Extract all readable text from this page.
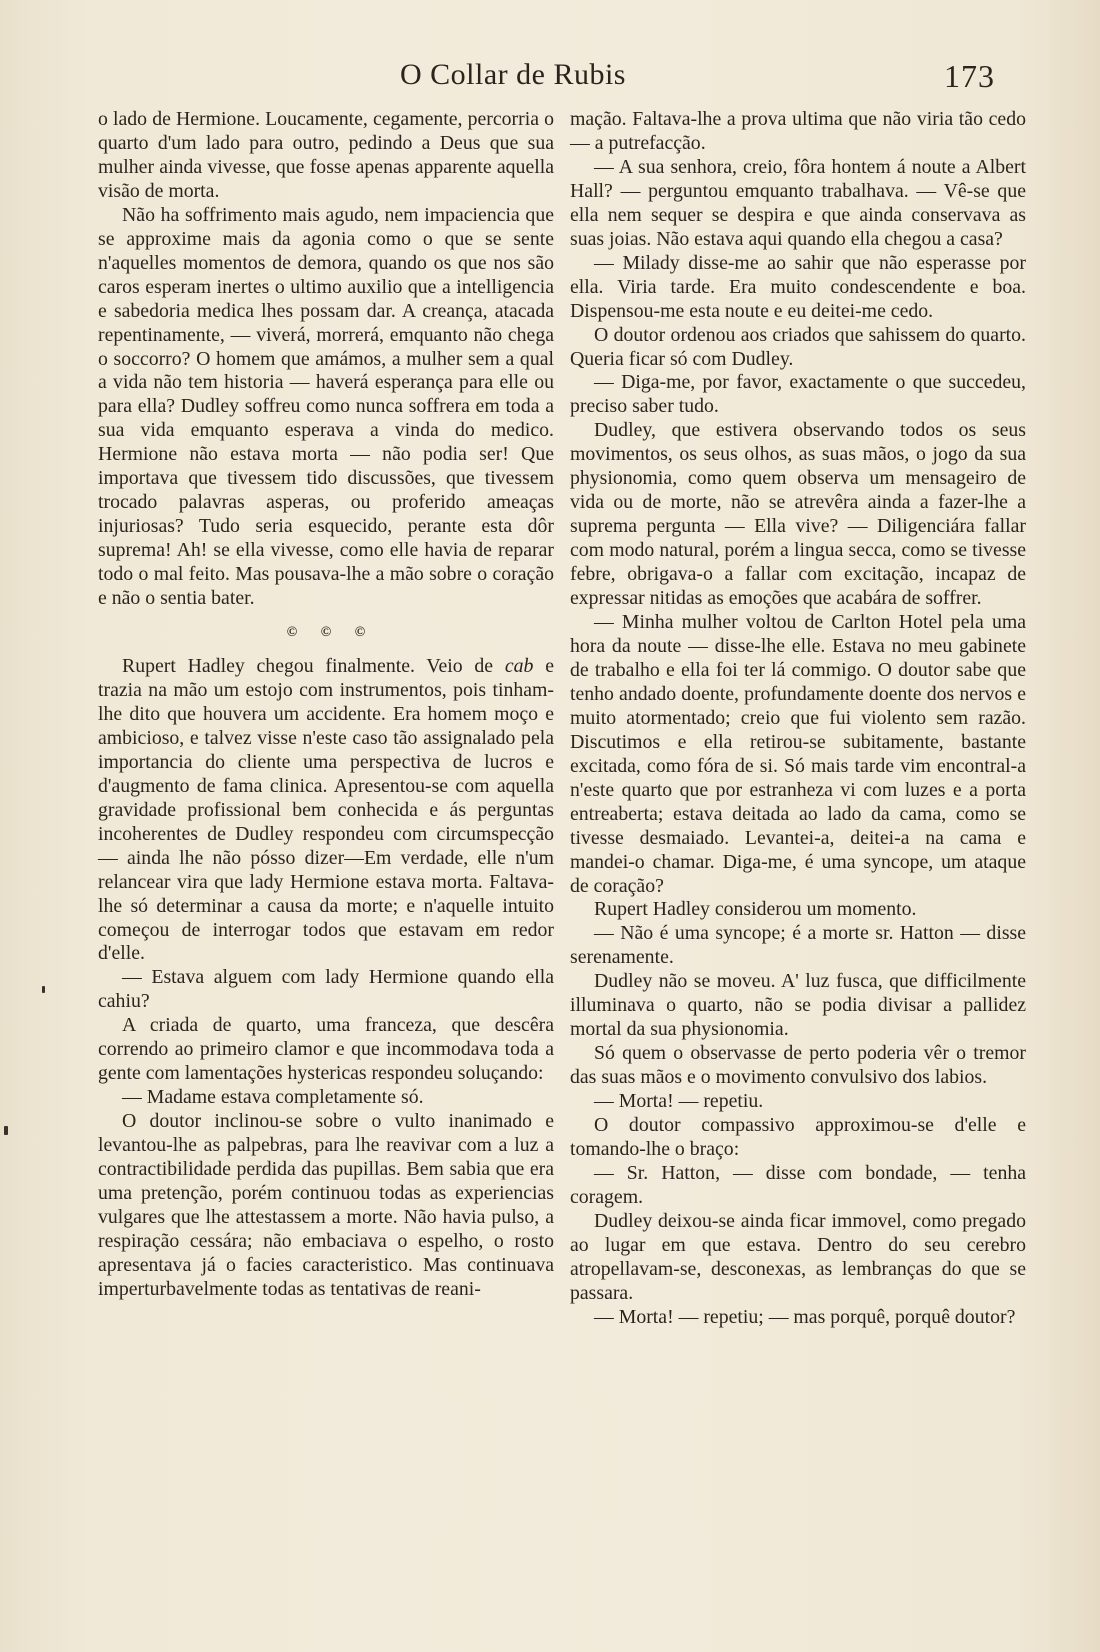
O Collar de Rubis	173

o lado de Hermione. Loucamente, cegamente, percorria o quarto d'um lado para outro, pedindo a Deus que sua mulher ainda vivesse, que fosse apenas apparente aquella visão de morta.

Não ha soffrimento mais agudo, nem impaciencia que se approxime mais da agonia como o que se sente n'aquelles momentos de demora, quando os que nos são caros esperam inertes o ultimo auxilio que a intelligencia e sabedoria medica lhes possam dar. A creança, atacada repentinamente, — viverá, morrerá, emquanto não chega o soccorro? O homem que amámos, a mulher sem a qual a vida não tem historia — haverá esperança para elle ou para ella? Dudley soffreu como nunca soffrera em toda a sua vida emquanto esperava a vinda do medico. Hermione não estava morta — não podia ser! Que importava que tivessem tido discussões, que tivessem trocado palavras asperas, ou proferido ameaças injuriosas? Tudo seria esquecido, perante esta dôr suprema! Ah! se ella vivesse, como elle havia de reparar todo o mal feito. Mas pousava-lhe a mão sobre o coração e não o sentia bater.

© © ©

Rupert Hadley chegou finalmente. Veio de cab e trazia na mão um estojo com instrumentos, pois tinham-lhe dito que houvera um accidente. Era homem moço e ambicioso, e talvez visse n'este caso tão assignalado pela importancia do cliente uma perspectiva de lucros e d'augmento de fama clinica. Apresentou-se com aquella gravidade profissional bem conhecida e ás perguntas incoherentes de Dudley respondeu com circumspecção — ainda lhe não pósso dizer—Em verdade, elle n'um relancear vira que lady Hermione estava morta. Faltava-lhe só determinar a causa da morte; e n'aquelle intuito começou de interrogar todos que estavam em redor d'elle.

— Estava alguem com lady Hermione quando ella cahiu?

A criada de quarto, uma franceza, que descêra correndo ao primeiro clamor e que incommodava toda a gente com lamentações hystericas respondeu soluçando:

— Madame estava completamente só.

O doutor inclinou-se sobre o vulto inanimado e levantou-lhe as palpebras, para lhe reavivar com a luz a contractibilidade perdida das pupillas. Bem sabia que era uma pretenção, porém continuou todas as experiencias vulgares que lhe attestassem a morte. Não havia pulso, a respiração cessára; não embaciava o espelho, o rosto apresentava já o facies caracteristico. Mas continuava imperturbavelmente todas as tentativas de reani-

mação. Faltava-lhe a prova ultima que não viria tão cedo — a putrefacção.

— A sua senhora, creio, fôra hontem á noute a Albert Hall? — perguntou emquanto trabalhava. — Vê-se que ella nem sequer se despira e que ainda conservava as suas joias. Não estava aqui quando ella chegou a casa?

— Milady disse-me ao sahir que não esperasse por ella. Viria tarde. Era muito condescendente e boa. Dispensou-me esta noute e eu deitei-me cedo.

O doutor ordenou aos criados que sahissem do quarto. Queria ficar só com Dudley.

— Diga-me, por favor, exactamente o que succedeu, preciso saber tudo.

Dudley, que estivera observando todos os seus movimentos, os seus olhos, as suas mãos, o jogo da sua physionomia, como quem observa um mensageiro de vida ou de morte, não se atrevêra ainda a fazer-lhe a suprema pergunta — Ella vive? — Diligenciára fallar com modo natural, porém a lingua secca, como se tivesse febre, obrigava-o a fallar com excitação, incapaz de expressar nitidas as emoções que acabára de soffrer.

— Minha mulher voltou de Carlton Hotel pela uma hora da noute — disse-lhe elle. Estava no meu gabinete de trabalho e ella foi ter lá commigo. O doutor sabe que tenho andado doente, profundamente doente dos nervos e muito atormentado; creio que fui violento sem razão. Discutimos e ella retirou-se subitamente, bastante excitada, como fóra de si. Só mais tarde vim encontral-a n'este quarto que por estranheza vi com luzes e a porta entreaberta; estava deitada ao lado da cama, como se tivesse desmaiado. Levantei-a, deitei-a na cama e mandei-o chamar. Diga-me, é uma syncope, um ataque de coração?

Rupert Hadley considerou um momento.

— Não é uma syncope; é a morte sr. Hatton — disse serenamente.

Dudley não se moveu. A' luz fusca, que difficilmente illuminava o quarto, não se podia divisar a pallidez mortal da sua physionomia.

Só quem o observasse de perto poderia vêr o tremor das suas mãos e o movimento convulsivo dos labios.

— Morta! — repetiu.

O doutor compassivo approximou-se d'elle e tomando-lhe o braço:

— Sr. Hatton, — disse com bondade, — tenha coragem.

Dudley deixou-se ainda ficar immovel, como pregado ao lugar em que estava. Dentro do seu cerebro atropellavam-se, desconexas, as lembranças do que se passara.

— Morta! — repetiu; — mas porquê, porquê doutor?
